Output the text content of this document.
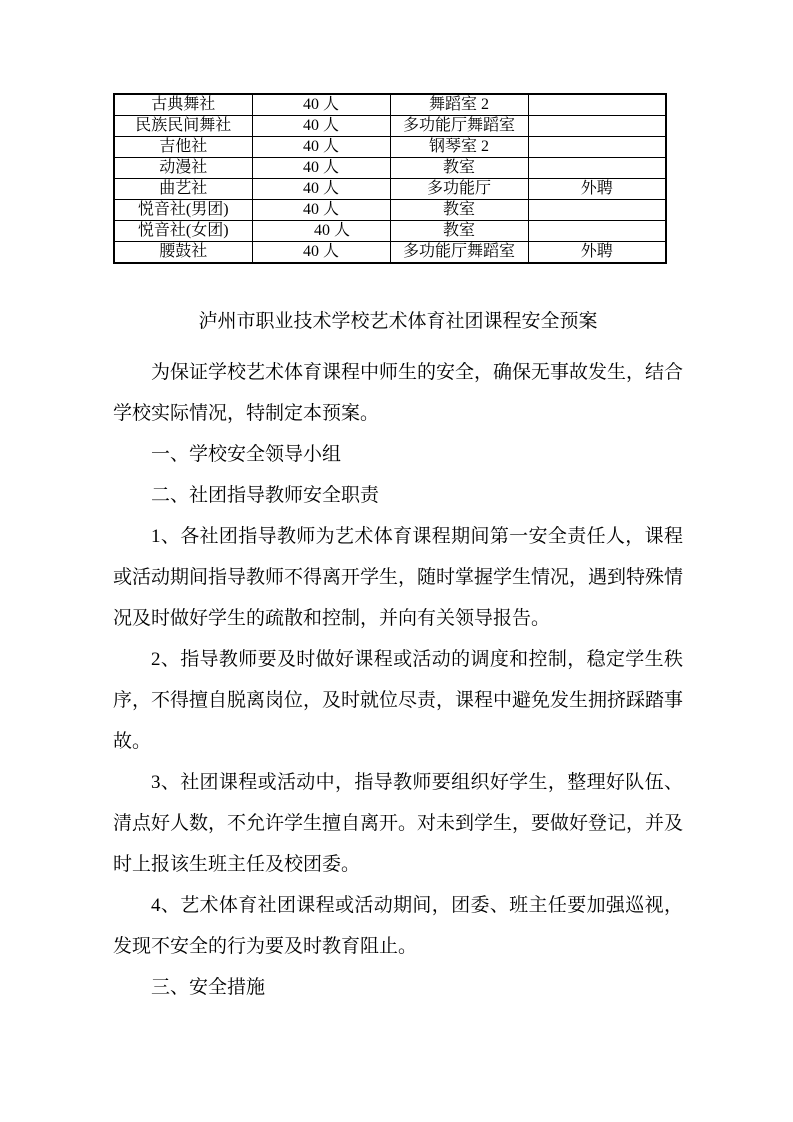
古典舞社	40 人	舞蹈室 2	
民族民间舞社	40 人	多功能厅舞蹈室	
吉他社	40 人	钢琴室 2	
动漫社	40 人	教室	
曲艺社	40 人	多功能厅	外聘
悦音社(男团)	40 人	教室	
悦音社(女团)	40 人	教室	
腰鼓社	40 人	多功能厅舞蹈室	外聘
泸州市职业技术学校艺术体育社团课程安全预案

为保证学校艺术体育课程中师生的安全，确保无事故发生，结合学校实际情况，特制定本预案。

一、学校安全领导小组

二、社团指导教师安全职责

1、各社团指导教师为艺术体育课程期间第一安全责任人，课程或活动期间指导教师不得离开学生，随时掌握学生情况，遇到特殊情况及时做好学生的疏散和控制，并向有关领导报告。

2、指导教师要及时做好课程或活动的调度和控制，稳定学生秩序，不得擅自脱离岗位，及时就位尽责，课程中避免发生拥挤踩踏事故。

3、社团课程或活动中，指导教师要组织好学生，整理好队伍、清点好人数，不允许学生擅自离开。对未到学生，要做好登记，并及时上报该生班主任及校团委。

4、艺术体育社团课程或活动期间，团委、班主任要加强巡视，发现不安全的行为要及时教育阻止。

三、安全措施
